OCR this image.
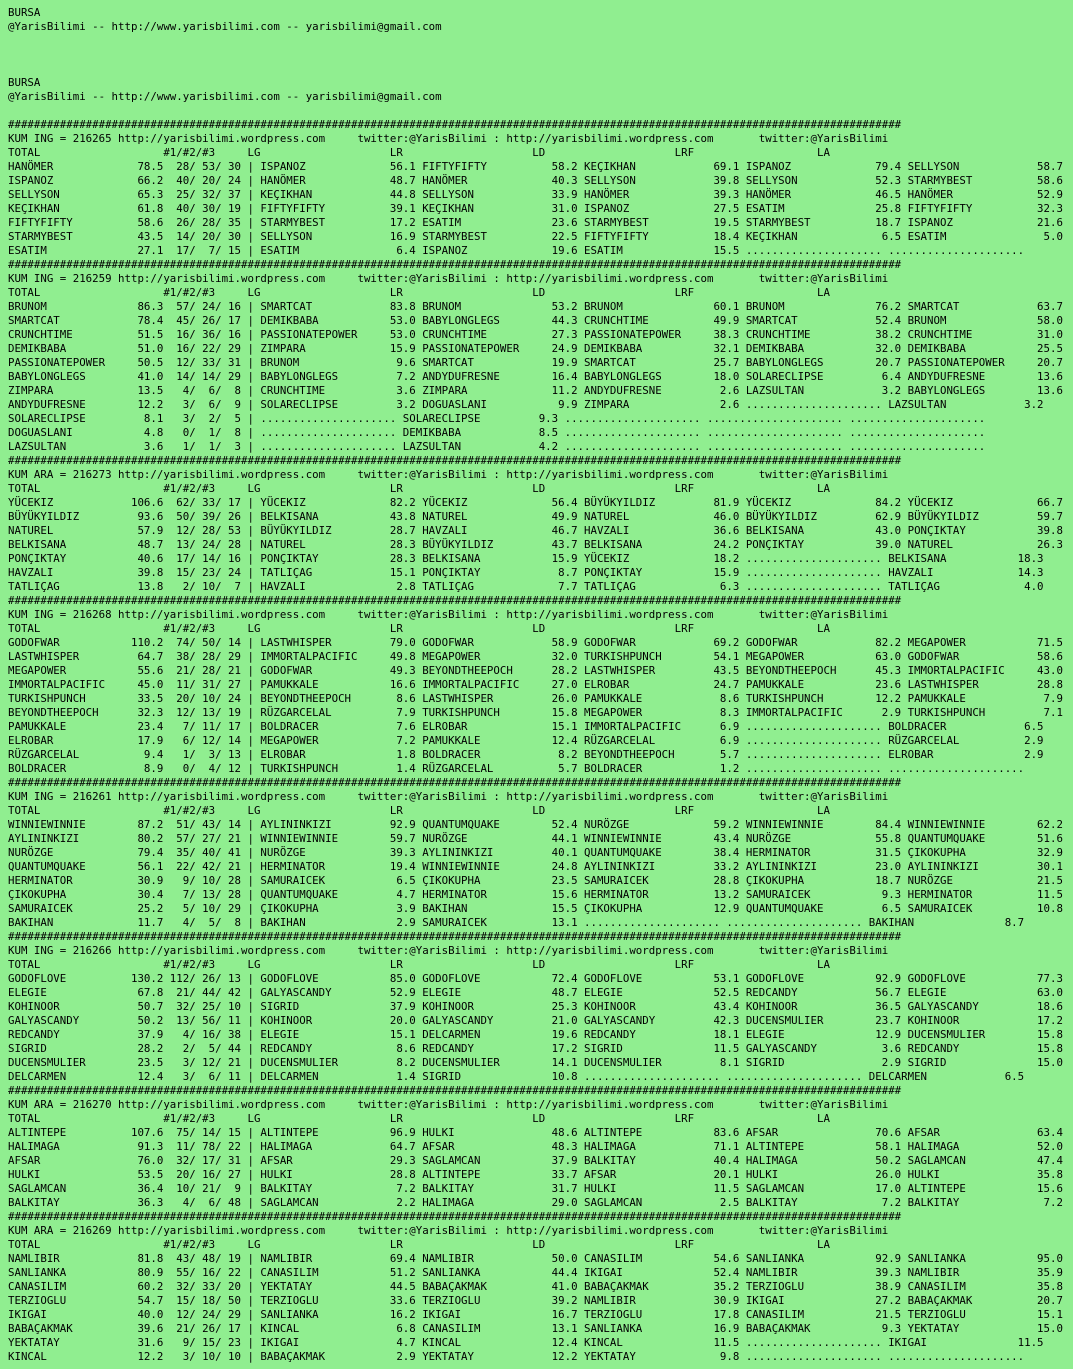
BURSA
@YarisBilimi -- http://www.yarisbilimi.com -- yarisbilimi@gmail.com
BURSA
@YarisBilimi -- http://www.yarisbilimi.com -- yarisbilimi@gmail.com
##########################################################################################################################################
KUM ING = 216265 http://yarisbilimi.wordpress.com     twitter:@YarisBilimi : http://yarisbilimi.wordpress.com       twitter:@YarisBilimi
TOTAL                   #1/#2/#3     LG                    LR                    LD                    LRF                   LA
HANÖMER             78.5  28/ 53/ 30 | ISPANOZ             56.1 FIFTYFIFTY          58.2 KEÇIKHAN            69.1 ISPANOZ             79.4 SELLYSON            58.7
ISPANOZ             66.2  40/ 20/ 24 | HANÖMER             48.7 HANÖMER             40.3 SELLYSON            39.8 SELLYSON            52.3 STARMYBEST          58.6
SELLYSON            65.3  25/ 32/ 37 | KEÇIKHAN            44.8 SELLYSON            33.9 HANÖMER             39.3 HANÖMER             46.5 HANÖMER             52.9
KEÇIKHAN            61.8  40/ 30/ 19 | FIFTYFIFTY          39.1 KEÇIKHAN            31.0 ISPANOZ             27.5 ESATIM              25.8 FIFTYFIFTY          32.3
FIFTYFIFTY          58.6  26/ 28/ 35 | STARMYBEST          17.2 ESATIM              23.6 STARMYBEST          19.5 STARMYBEST          18.7 ISPANOZ             21.6
STARMYBEST          43.5  14/ 20/ 30 | SELLYSON            16.9 STARMYBEST          22.5 FIFTYFIFTY          18.4 KEÇIKHAN             6.5 ESATIM               5.0
ESATIM              27.1  17/  7/ 15 | ESATIM               6.4 ISPANOZ             19.6 ESATIM              15.5 ..................... .....................
##########################################################################################################################################
KUM ING = 216259 http://yarisbilimi.wordpress.com     twitter:@YarisBilimi : http://yarisbilimi.wordpress.com       twitter:@YarisBilimi
TOTAL                   #1/#2/#3     LG                    LR                    LD                    LRF                   LA
BRUNOM              86.3  57/ 24/ 16 | SMARTCAT            83.8 BRUNOM              53.2 BRUNOM              60.1 BRUNOM              76.2 SMARTCAT            63.7
SMARTCAT            78.4  45/ 26/ 17 | DEMIKBABA           53.0 BABYLONGLEGS        44.3 CRUNCHTIME          49.9 SMARTCAT            52.4 BRUNOM              58.0
CRUNCHTIME          51.5  16/ 36/ 16 | PASSIONATEPOWER     53.0 CRUNCHTIME          27.3 PASSIONATEPOWER     38.3 CRUNCHTIME          38.2 CRUNCHTIME          31.0
DEMIKBABA           51.0  16/ 22/ 29 | ZIMPARA             15.9 PASSIONATEPOWER     24.9 DEMIKBABA           32.1 DEMIKBABA           32.0 DEMIKBABA           25.5
PASSIONATEPOWER     50.5  12/ 33/ 31 | BRUNOM               9.6 SMARTCAT            19.9 SMARTCAT            25.7 BABYLONGLEGS        20.7 PASSIONATEPOWER     20.7
BABYLONGLEGS        41.0  14/ 14/ 29 | BABYLONGLEGS         7.2 ANDYDUFRESNE        16.4 BABYLONGLEGS        18.0 SOLARECLIPSE         6.4 ANDYDUFRESNE        13.6
ZIMPARA             13.5   4/  6/  8 | CRUNCHTIME           3.6 ZIMPARA             11.2 ANDYDUFRESNE         2.6 LAZSULTAN            3.2 BABYLONGLEGS        13.6
ANDYDUFRESNE        12.2   3/  6/  9 | SOLARECLIPSE         3.2 DOGUASLANI           9.9 ZIMPARA              2.6 ..................... LAZSULTAN            3.2
SOLARECLIPSE         8.1   3/  2/  5 | ..................... SOLARECLIPSE         9.3 ..................... ..................... .....................
DOGUASLANI           4.8   0/  1/  8 | ..................... DEMIKBABA            8.5 ..................... ..................... .....................
LAZSULTAN            3.6   1/  1/  3 | ..................... LAZSULTAN            4.2 ..................... ..................... .....................
##########################################################################################################################################
KUM ARA = 216273 http://yarisbilimi.wordpress.com     twitter:@YarisBilimi : http://yarisbilimi.wordpress.com       twitter:@YarisBilimi
TOTAL                   #1/#2/#3     LG                    LR                    LD                    LRF                   LA
YÜCEKIZ            106.6  62/ 33/ 17 | YÜCEKIZ             82.2 YÜCEKIZ             56.4 BÜYÜKYILDIZ         81.9 YÜCEKIZ             84.2 YÜCEKIZ             66.7
BÜYÜKYILDIZ         93.6  50/ 39/ 26 | BELKISANA           43.8 NATUREL             49.9 NATUREL             46.0 BÜYÜKYILDIZ         62.9 BÜYÜKYILDIZ         59.7
NATUREL             57.9  12/ 28/ 53 | BÜYÜKYILDIZ         28.7 HAVZALI             46.7 HAVZALI             36.6 BELKISANA           43.0 PONÇIKTAY           39.8
BELKISANA           48.7  13/ 24/ 28 | NATUREL             28.3 BÜYÜKYILDIZ         43.7 BELKISANA           24.2 PONÇIKTAY           39.0 NATUREL             26.3
PONÇIKTAY           40.6  17/ 14/ 16 | PONÇIKTAY           28.3 BELKISANA           15.9 YÜCEKIZ             18.2 ..................... BELKISANA           18.3
HAVZALI             39.8  15/ 23/ 24 | TATLIÇAG            15.1 PONÇIKTAY            8.7 PONÇIKTAY           15.9 ..................... HAVZALI             14.3
TATLIÇAG            13.8   2/ 10/  7 | HAVZALI              2.8 TATLIÇAG             7.7 TATLIÇAG             6.3 ..................... TATLIÇAG             4.0
##########################################################################################################################################
KUM ING = 216268 http://yarisbilimi.wordpress.com     twitter:@YarisBilimi : http://yarisbilimi.wordpress.com       twitter:@YarisBilimi
TOTAL                   #1/#2/#3     LG                    LR                    LD                    LRF                   LA
GODOFWAR           110.2  74/ 50/ 14 | LASTWHISPER         79.0 GODOFWAR            58.9 GODOFWAR            69.2 GODOFWAR            82.2 MEGAPOWER           71.5
LASTWHISPER         64.7  38/ 28/ 29 | IMMORTALPACIFIC     49.8 MEGAPOWER           32.0 TURKISHPUNCH        54.1 MEGAPOWER           63.0 GODOFWAR            58.6
MEGAPOWER           55.6  21/ 28/ 21 | GODOFWAR            49.3 BEYONDTHEEPOCH      28.2 LASTWHISPER         43.5 BEYONDTHEEPOCH      45.3 IMMORTALPACIFIC     43.0
IMMORTALPACIFIC     45.0  11/ 31/ 27 | PAMUKKALE           16.6 IMMORTALPACIFIC     27.0 ELROBAR             24.7 PAMUKKALE           23.6 LASTWHISPER         28.8
TURKISHPUNCH        33.5  20/ 10/ 24 | BEYONDTHEEPOCH       8.6 LASTWHISPER         26.0 PAMUKKALE            8.6 TURKISHPUNCH        12.2 PAMUKKALE            7.9
BEYONDTHEEPOCH      32.3  12/ 13/ 19 | RÜZGARCELAL          7.9 TURKISHPUNCH        15.8 MEGAPOWER            8.3 IMMORTALPACIFIC      2.9 TURKISHPUNCH         7.1
PAMUKKALE           23.4   7/ 11/ 17 | BOLDRACER            7.6 ELROBAR             15.1 IMMORTALPACIFIC      6.9 ..................... BOLDRACER            6.5
ELROBAR             17.9   6/ 12/ 14 | MEGAPOWER            7.2 PAMUKKALE           12.4 RÜZGARCELAL          6.9 ..................... RÜZGARCELAL          2.9
RÜZGARCELAL          9.4   1/  3/ 13 | ELROBAR              1.8 BOLDRACER            8.2 BEYONDTHEEPOCH       5.7 ..................... ELROBAR              2.9
BOLDRACER            8.9   0/  4/ 12 | TURKISHPUNCH         1.4 RÜZGARCELAL          5.7 BOLDRACER            1.2 ..................... .....................
##########################################################################################################################################
KUM ING = 216261 http://yarisbilimi.wordpress.com     twitter:@YarisBilimi : http://yarisbilimi.wordpress.com       twitter:@YarisBilimi
TOTAL                   #1/#2/#3     LG                    LR                    LD                    LRF                   LA
WINNIEWINNIE        87.2  51/ 43/ 14 | AYLININKIZI         92.9 QUANTUMQUAKE        52.4 NURÖZGE             59.2 WINNIEWINNIE        84.4 WINNIEWINNIE        62.2
AYLININKIZI         80.2  57/ 27/ 21 | WINNIEWINNIE        59.7 NURÖZGE             44.1 WINNIEWINNIE        43.4 NURÖZGE             55.8 QUANTUMQUAKE        51.6
NURÖZGE             79.4  35/ 40/ 41 | NURÖZGE             39.3 AYLININKIZI         40.1 QUANTUMQUAKE        38.4 HERMINATOR          31.5 ÇIKOKUPHA           32.9
QUANTUMQUAKE        56.1  22/ 42/ 21 | HERMINATOR          19.4 WINNIEWINNIE        24.8 AYLININKIZI         33.2 AYLININKIZI         23.0 AYLININKIZI         30.1
HERMINATOR          30.9   9/ 10/ 28 | SAMURAICEK           6.5 ÇIKOKUPHA           23.5 SAMURAICEK          28.8 ÇIKOKUPHA           18.7 NURÖZGE             21.5
ÇIKOKUPHA           30.4   7/ 13/ 28 | QUANTUMQUAKE         4.7 HERMINATOR          15.6 HERMINATOR          13.2 SAMURAICEK           9.3 HERMINATOR          11.5
SAMURAICEK          25.2   5/ 10/ 29 | ÇIKOKUPHA            3.9 BAKIHAN             15.5 ÇIKOKUPHA           12.9 QUANTUMQUAKE         6.5 SAMURAICEK          10.8
BAKIHAN             11.7   4/  5/  8 | BAKIHAN              2.9 SAMURAICEK          13.1 ..................... ..................... BAKIHAN              8.7
##########################################################################################################################################
KUM ING = 216266 http://yarisbilimi.wordpress.com     twitter:@YarisBilimi : http://yarisbilimi.wordpress.com       twitter:@YarisBilimi
TOTAL                   #1/#2/#3     LG                    LR                    LD                    LRF                   LA
GODOFLOVE          130.2 112/ 26/ 13 | GODOFLOVE           85.0 GODOFLOVE           72.4 GODOFLOVE           53.1 GODOFLOVE           92.9 GODOFLOVE           77.3
ELEGIE              67.8  21/ 44/ 42 | GALYASCANDY         52.9 ELEGIE              48.7 ELEGIE              52.5 REDCANDY            56.7 ELEGIE              63.0
KOHINOOR            50.7  32/ 25/ 10 | SIGRID              37.9 KOHINOOR            25.3 KOHINOOR            43.4 KOHINOOR            36.5 GALYASCANDY         18.6
GALYASCANDY         50.2  13/ 56/ 11 | KOHINOOR            20.0 GALYASCANDY         21.0 GALYASCANDY         42.3 DUCENSMULIER        23.7 KOHINOOR            17.2
REDCANDY            37.9   4/ 16/ 38 | ELEGIE              15.1 DELCARMEN           19.6 REDCANDY            18.1 ELEGIE              12.9 DUCENSMULIER        15.8
SIGRID              28.2   2/  5/ 44 | REDCANDY             8.6 REDCANDY            17.2 SIGRID              11.5 GALYASCANDY          3.6 REDCANDY            15.8
DUCENSMULIER        23.5   3/ 12/ 21 | DUCENSMULIER         8.2 DUCENSMULIER        14.1 DUCENSMULIER         8.1 SIGRID               2.9 SIGRID              15.0
DELCARMEN           12.4   3/  6/ 11 | DELCARMEN            1.4 SIGRID              10.8 ..................... ..................... DELCARMEN            6.5
##########################################################################################################################################
KUM ARA = 216270 http://yarisbilimi.wordpress.com     twitter:@YarisBilimi : http://yarisbilimi.wordpress.com       twitter:@YarisBilimi
TOTAL                   #1/#2/#3     LG                    LR                    LD                    LRF                   LA
ALTINTEPE          107.6  75/ 14/ 15 | ALTINTEPE           96.9 HULKI               48.6 ALTINTEPE           83.6 AFSAR               70.6 AFSAR               63.4
HALIMAGA            91.3  11/ 78/ 22 | HALIMAGA            64.7 AFSAR               48.3 HALIMAGA            71.1 ALTINTEPE           58.1 HALIMAGA            52.0
AFSAR               76.0  32/ 17/ 31 | AFSAR               29.3 SAGLAMCAN           37.9 BALKITAY            40.4 HALIMAGA            50.2 SAGLAMCAN           47.4
HULKI               53.5  20/ 16/ 27 | HULKI               28.8 ALTINTEPE           33.7 AFSAR               20.1 HULKI               26.0 HULKI               35.8
SAGLAMCAN           36.4  10/ 21/  9 | BALKITAY             7.2 BALKITAY            31.7 HULKI               11.5 SAGLAMCAN           17.0 ALTINTEPE           15.6
BALKITAY            36.3   4/  6/ 48 | SAGLAMCAN            2.2 HALIMAGA            29.0 SAGLAMCAN            2.5 BALKITAY             7.2 BALKITAY             7.2
##########################################################################################################################################
KUM ARA = 216269 http://yarisbilimi.wordpress.com     twitter:@YarisBilimi : http://yarisbilimi.wordpress.com       twitter:@YarisBilimi
TOTAL                   #1/#2/#3     LG                    LR                    LD                    LRF                   LA
NAMLIBIR            81.8  43/ 48/ 19 | NAMLIBIR            69.4 NAMLIBIR            50.0 CANASILIM           54.6 SANLIANKA           92.9 SANLIANKA           95.0
SANLIANKA           80.9  55/ 16/ 22 | CANASILIM           51.2 SANLIANKA           44.4 IKIGAI              52.4 NAMLIBIR            39.3 NAMLIBIR            35.9
CANASILIM           60.2  32/ 33/ 20 | YEKTATAY            44.5 BABAÇAKMAK          41.0 BABAÇAKMAK          35.2 TERZIOGLU           38.9 CANASILIM           35.8
TERZIOGLU           54.7  15/ 18/ 50 | TERZIOGLU           33.6 TERZIOGLU           39.2 NAMLIBIR            30.9 IKIGAI              27.2 BABAÇAKMAK          20.7
IKIGAI              40.0  12/ 24/ 29 | SANLIANKA           16.2 IKIGAI              16.7 TERZIOGLU           17.8 CANASILIM           21.5 TERZIOGLU           15.1
BABAÇAKMAK          39.6  21/ 26/ 17 | KINCAL               6.8 CANASILIM           13.1 SANLIANKA           16.9 BABAÇAKMAK           9.3 YEKTATAY            15.0
YEKTATAY            31.6   9/ 15/ 23 | IKIGAI               4.7 KINCAL              12.4 KINCAL              11.5 ..................... IKIGAI              11.5
KINCAL              12.2   3/ 10/ 10 | BABAÇAKMAK           2.9 YEKTATAY            12.2 YEKTATAY             9.8 ..................... .....................
